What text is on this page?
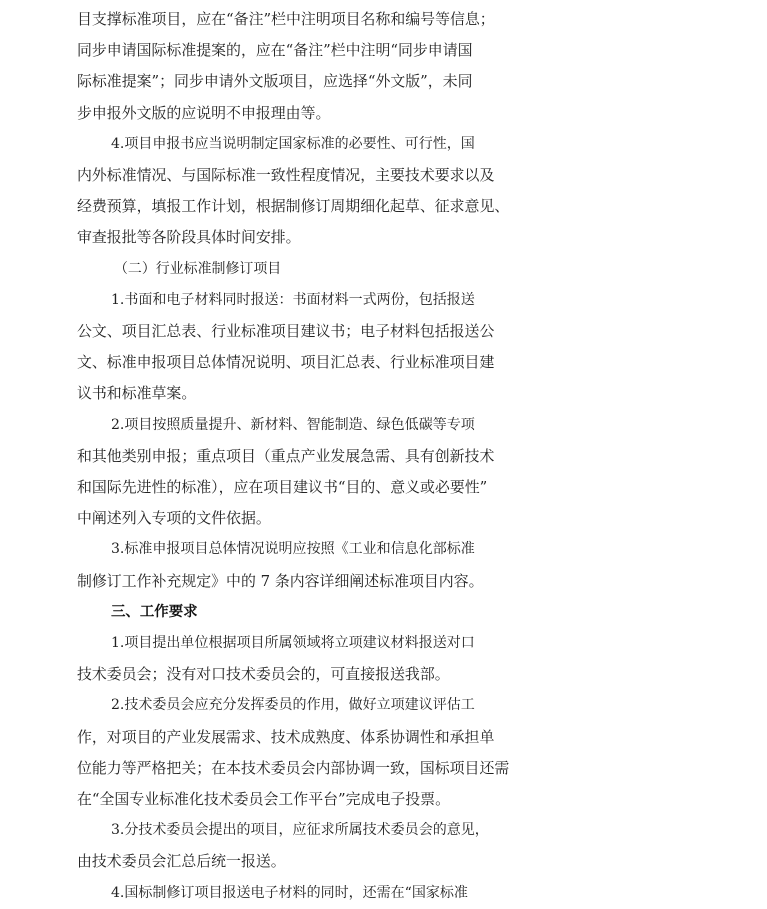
目支撑标准项目，应在“备注”栏中注明项目名称和编号等信息；
同步申请国际标准提案的，应在“备注”栏中注明“同步申请国
际标准提案”；同步申请外文版项目，应选择“外文版”，未同
步申报外文版的应说明不申报理由等。
4.项目申报书应当说明制定国家标准的必要性、可行性，国
内外标准情况、与国际标准一致性程度情况，主要技术要求以及
经费预算，填报工作计划，根据制修订周期细化起草、征求意见、
审查报批等各阶段具体时间安排。
（二）行业标准制修订项目
1.书面和电子材料同时报送：书面材料一式两份，包括报送
公文、项目汇总表、行业标准项目建议书；电子材料包括报送公
文、标准申报项目总体情况说明、项目汇总表、行业标准项目建
议书和标准草案。
2.项目按照质量提升、新材料、智能制造、绿色低碳等专项
和其他类别申报；重点项目（重点产业发展急需、具有创新技术
和国际先进性的标准），应在项目建议书“目的、意义或必要性”
中阐述列入专项的文件依据。
3.标准申报项目总体情况说明应按照《工业和信息化部标准
制修订工作补充规定》中的 7 条内容详细阐述标准项目内容。
三、工作要求
1.项目提出单位根据项目所属领域将立项建议材料报送对口
技术委员会；没有对口技术委员会的，可直接报送我部。
2.技术委员会应充分发挥委员的作用，做好立项建议评估工
作，对项目的产业发展需求、技术成熟度、体系协调性和承担单
位能力等严格把关；在本技术委员会内部协调一致，国标项目还需
在“全国专业标准化技术委员会工作平台”完成电子投票。
3.分技术委员会提出的项目，应征求所属技术委员会的意见，
由技术委员会汇总后统一报送。
4.国标制修订项目报送电子材料的同时，还需在“国家标准
